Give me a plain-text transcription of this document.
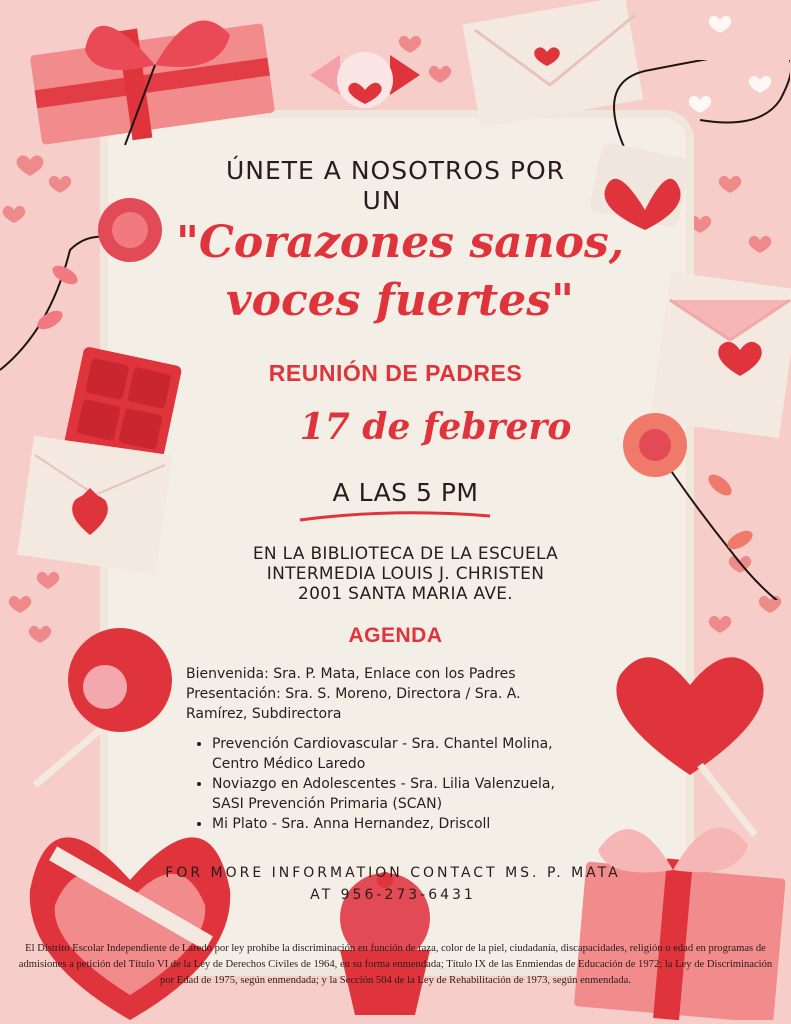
ÚNETE A NOSOTROS POR
UN
"Corazones sanos, voces fuertes"
REUNIÓN DE PADRES
17 de febrero
A LAS 5 PM
EN LA BIBLIOTECA DE LA ESCUELA
INTERMEDIA LOUIS J. CHRISTEN
2001 SANTA MARIA AVE.
AGENDA

Bienvenida: Sra. P. Mata, Enlace con los Padres

Presentación: Sra. S. Moreno, Directora / Sra. A. Ramírez, Subdirectora

• Prevención Cardiovascular - Sra. Chantel Molina, Centro Médico Laredo
• Noviazgo en Adolescentes - Sra. Lilia Valenzuela, SASI Prevención Primaria (SCAN)
• Mi Plato - Sra. Anna Hernandez, Driscoll
FOR MORE INFORMATION CONTACT MS. P. MATA AT 956-273-6431
El Distrito Escolar Independiente de Laredo por ley prohíbe la discriminación en función de raza, color de la piel, ciudadanía, discapacidades, religión o edad en programas de admisiones a petición del Título VI de la Ley de Derechos Civiles de 1964, en su forma enmendada; Título IX de las Enmiendas de Educación de 1972; la Ley de Discriminación por Edad de 1975, según enmendada; y la Sección 504 de la Ley de Rehabilitación de 1973, según enmendada.
